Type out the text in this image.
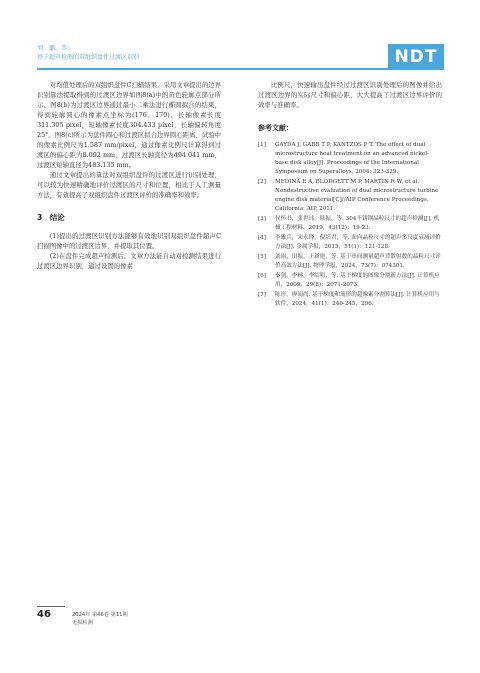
刘　璐，等：
基于超声检测的双组织盘件过渡区识别	NDT

对均值处理后的双组织盘件C扫描结果，采用文章提出的边界识别算法提取得到的过渡区边界如图8(a)中的黄色轮廓点部分所示。图8(b)为过渡区边界通过最小二乘法进行椭圆拟合的结果，得到轮廓圆心的像素点坐标为(176，170)，长轴像素长度311.305 pixel，短轴像素长度304.433 pixel，长轴偏转角度25°。图8(c)所示为盘件圆心和过渡区拟合边界圆心距离，试验中的像素比例尺为1.587 mm/pixel，通过像素比例尺计算得到过渡区的偏心距为8.092 mm，过渡区长轴直径为494.041 mm，过渡区短轴直径为483.135 mm。

通过文章提出的算法对双组织盘件的过渡区进行识别处理，可以较为快速精确地评价过渡区的尺寸和位置，相比于人工测量方法，有效提高了双组织盘件过渡区评价的准确率和效率。

3　结论

(1)提出的过渡区识别方法能够有效地识别双组织盘件超声C扫描图像中的过渡区边界，并提取其位置。

(2)在盘件完成超声检测后，文章方法能自动对检测结果进行过渡区边界识别，通过设置的像素

比例尺，快速输出盘件经过过渡区识别处理后的图像并给出过渡区边界的实际尺寸和偏心距，大大提高了过渡区边界评价的效率与准确率。

参考文献：
[1]	GAYDA J, GABB T P, KANTZOS P T. The effect of dual microstructure heat treatment on an advanced nickel-base disk alloy[J]. Proceedings of the International Symposium on Superalloys, 2004: 323-329.
[2]	MEDINA E A, BLODGETT M P, MARTIN R W, et al. Nondestructive evaluation of dual microstructure turbine engine disk material[C]//AIP Conference Proceedings. California: AIP, 2011.
[3]	侯怀书，张世玮，陆振，等. 304不锈钢晶粒尺寸的超声检测[J]. 机械工程材料，2019，43(12)：19-23.
[4]	李雄兵，宋永锋，倪培君，等. 面向晶粒尺寸的超声多尺度衰减评价方法[J]. 金属学报，2015，51(1)：121-128.
[5]	刘雨，田振，王新艳，等. 基于串间测量超声背散射数的晶粒尺寸评价高效方法[J]. 物理学报，2024，73(7)：074301.
[6]	秦剑，李林，李绍明，等. 基于梯度的图像分割新方法[J]. 计算机应用，2009，29(8)：2071-2073.
[7]	陈形，廖闻尚. 基于梯度和流形的超像素分割算法[J]. 计算机应用与软件，2024，41(1)：240-245，296.
46	2024年 第46卷 第11期
无损检测
